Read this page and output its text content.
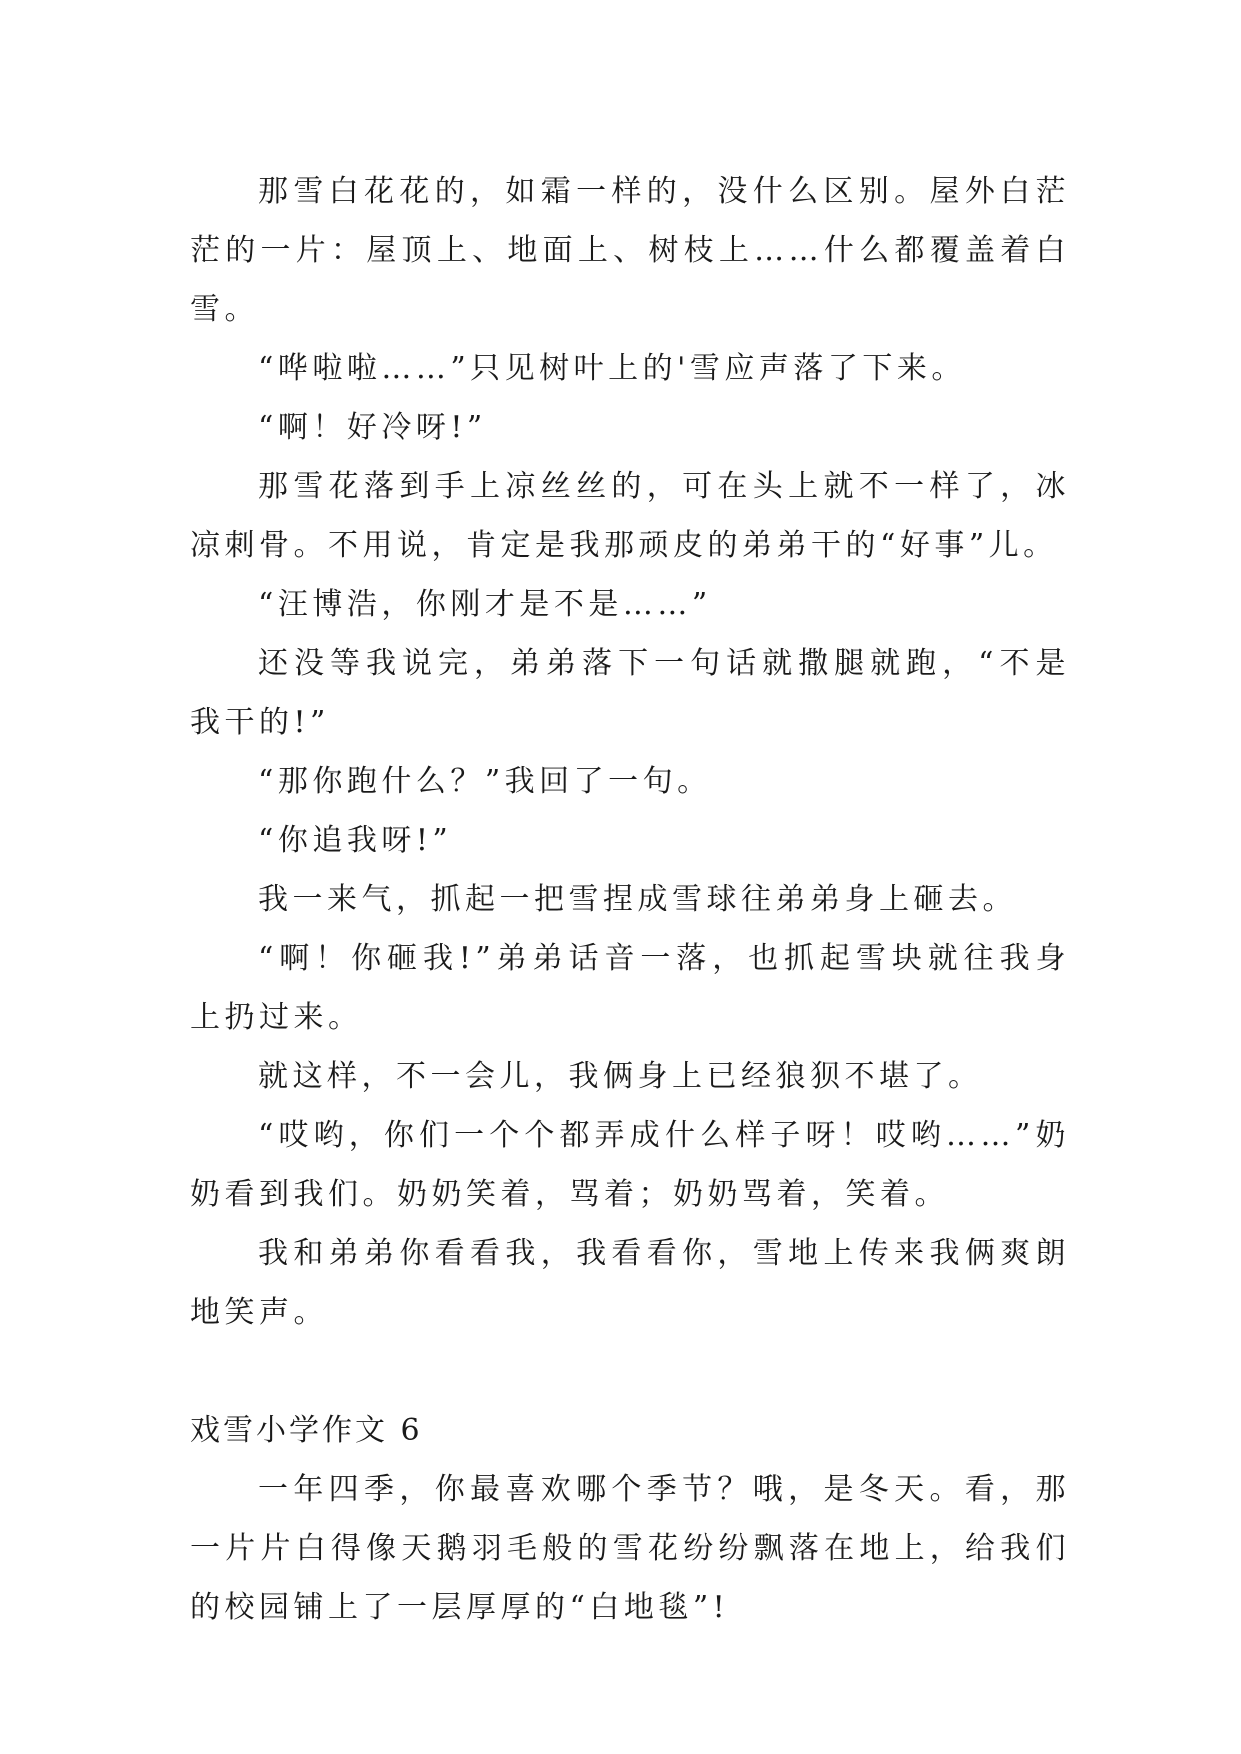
那雪白花花的，如霜一样的，没什么区别。屋外白茫茫的一片：屋顶上、地面上、树枝上……什么都覆盖着白雪。

“哗啦啦……”只见树叶上的'雪应声落了下来。

“啊！好冷呀!”

那雪花落到手上凉丝丝的，可在头上就不一样了，冰凉刺骨。不用说，肯定是我那顽皮的弟弟干的“好事”儿。

“汪博浩，你刚才是不是……”

还没等我说完，弟弟落下一句话就撒腿就跑，“不是我干的!”

“那你跑什么？”我回了一句。

“你追我呀!”

我一来气，抓起一把雪捏成雪球往弟弟身上砸去。

“啊！你砸我!”弟弟话音一落，也抓起雪块就往我身上扔过来。

就这样，不一会儿，我俩身上已经狼狈不堪了。

“哎哟，你们一个个都弄成什么样子呀！哎哟……”奶奶看到我们。奶奶笑着，骂着；奶奶骂着，笑着。

我和弟弟你看看我，我看看你，雪地上传来我俩爽朗地笑声。

戏雪小学作文 6

一年四季，你最喜欢哪个季节？哦，是冬天。看，那一片片白得像天鹅羽毛般的雪花纷纷飘落在地上，给我们的校园铺上了一层厚厚的“白地毯”!
